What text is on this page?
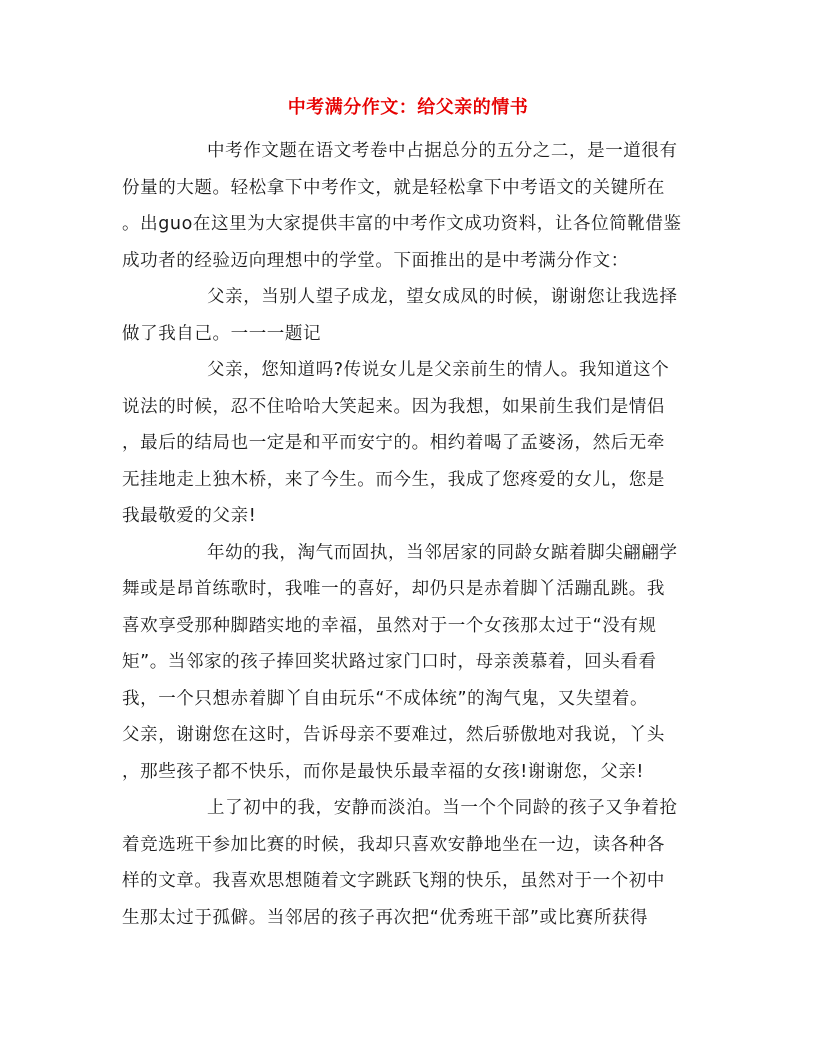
中考满分作文：给父亲的情书
中考作文题在语文考卷中占据总分的五分之二，是一道很有
份量的大题。轻松拿下中考作文，就是轻松拿下中考语文的关键所在
。出guo在这里为大家提供丰富的中考作文成功资料，让各位简靴借鉴
成功者的经验迈向理想中的学堂。下面推出的是中考满分作文：
父亲，当别人望子成龙，望女成凤的时候，谢谢您让我选择
做了我自己。一一一题记
父亲，您知道吗?传说女儿是父亲前生的情人。我知道这个
说法的时候，忍不住哈哈大笑起来。因为我想，如果前生我们是情侣
，最后的结局也一定是和平而安宁的。相约着喝了孟婆汤，然后无牵
无挂地走上独木桥，来了今生。而今生，我成了您疼爱的女儿，您是
我最敬爱的父亲!
年幼的我，淘气而固执，当邻居家的同龄女踮着脚尖翩翩学
舞或是昂首练歌时，我唯一的喜好，却仍只是赤着脚丫活蹦乱跳。我
喜欢享受那种脚踏实地的幸福，虽然对于一个女孩那太过于“没有规
矩”。当邻家的孩子捧回奖状路过家门口时，母亲羡慕着，回头看看
我，一个只想赤着脚丫自由玩乐“不成体统”的淘气鬼，又失望着。
父亲，谢谢您在这时，告诉母亲不要难过，然后骄傲地对我说，丫头
，那些孩子都不快乐，而你是最快乐最幸福的女孩!谢谢您，父亲!
上了初中的我，安静而淡泊。当一个个同龄的孩子又争着抢
着竞选班干参加比赛的时候，我却只喜欢安静地坐在一边，读各种各
样的文章。我喜欢思想随着文字跳跃飞翔的快乐，虽然对于一个初中
生那太过于孤僻。当邻居的孩子再次把“优秀班干部”或比赛所获得
